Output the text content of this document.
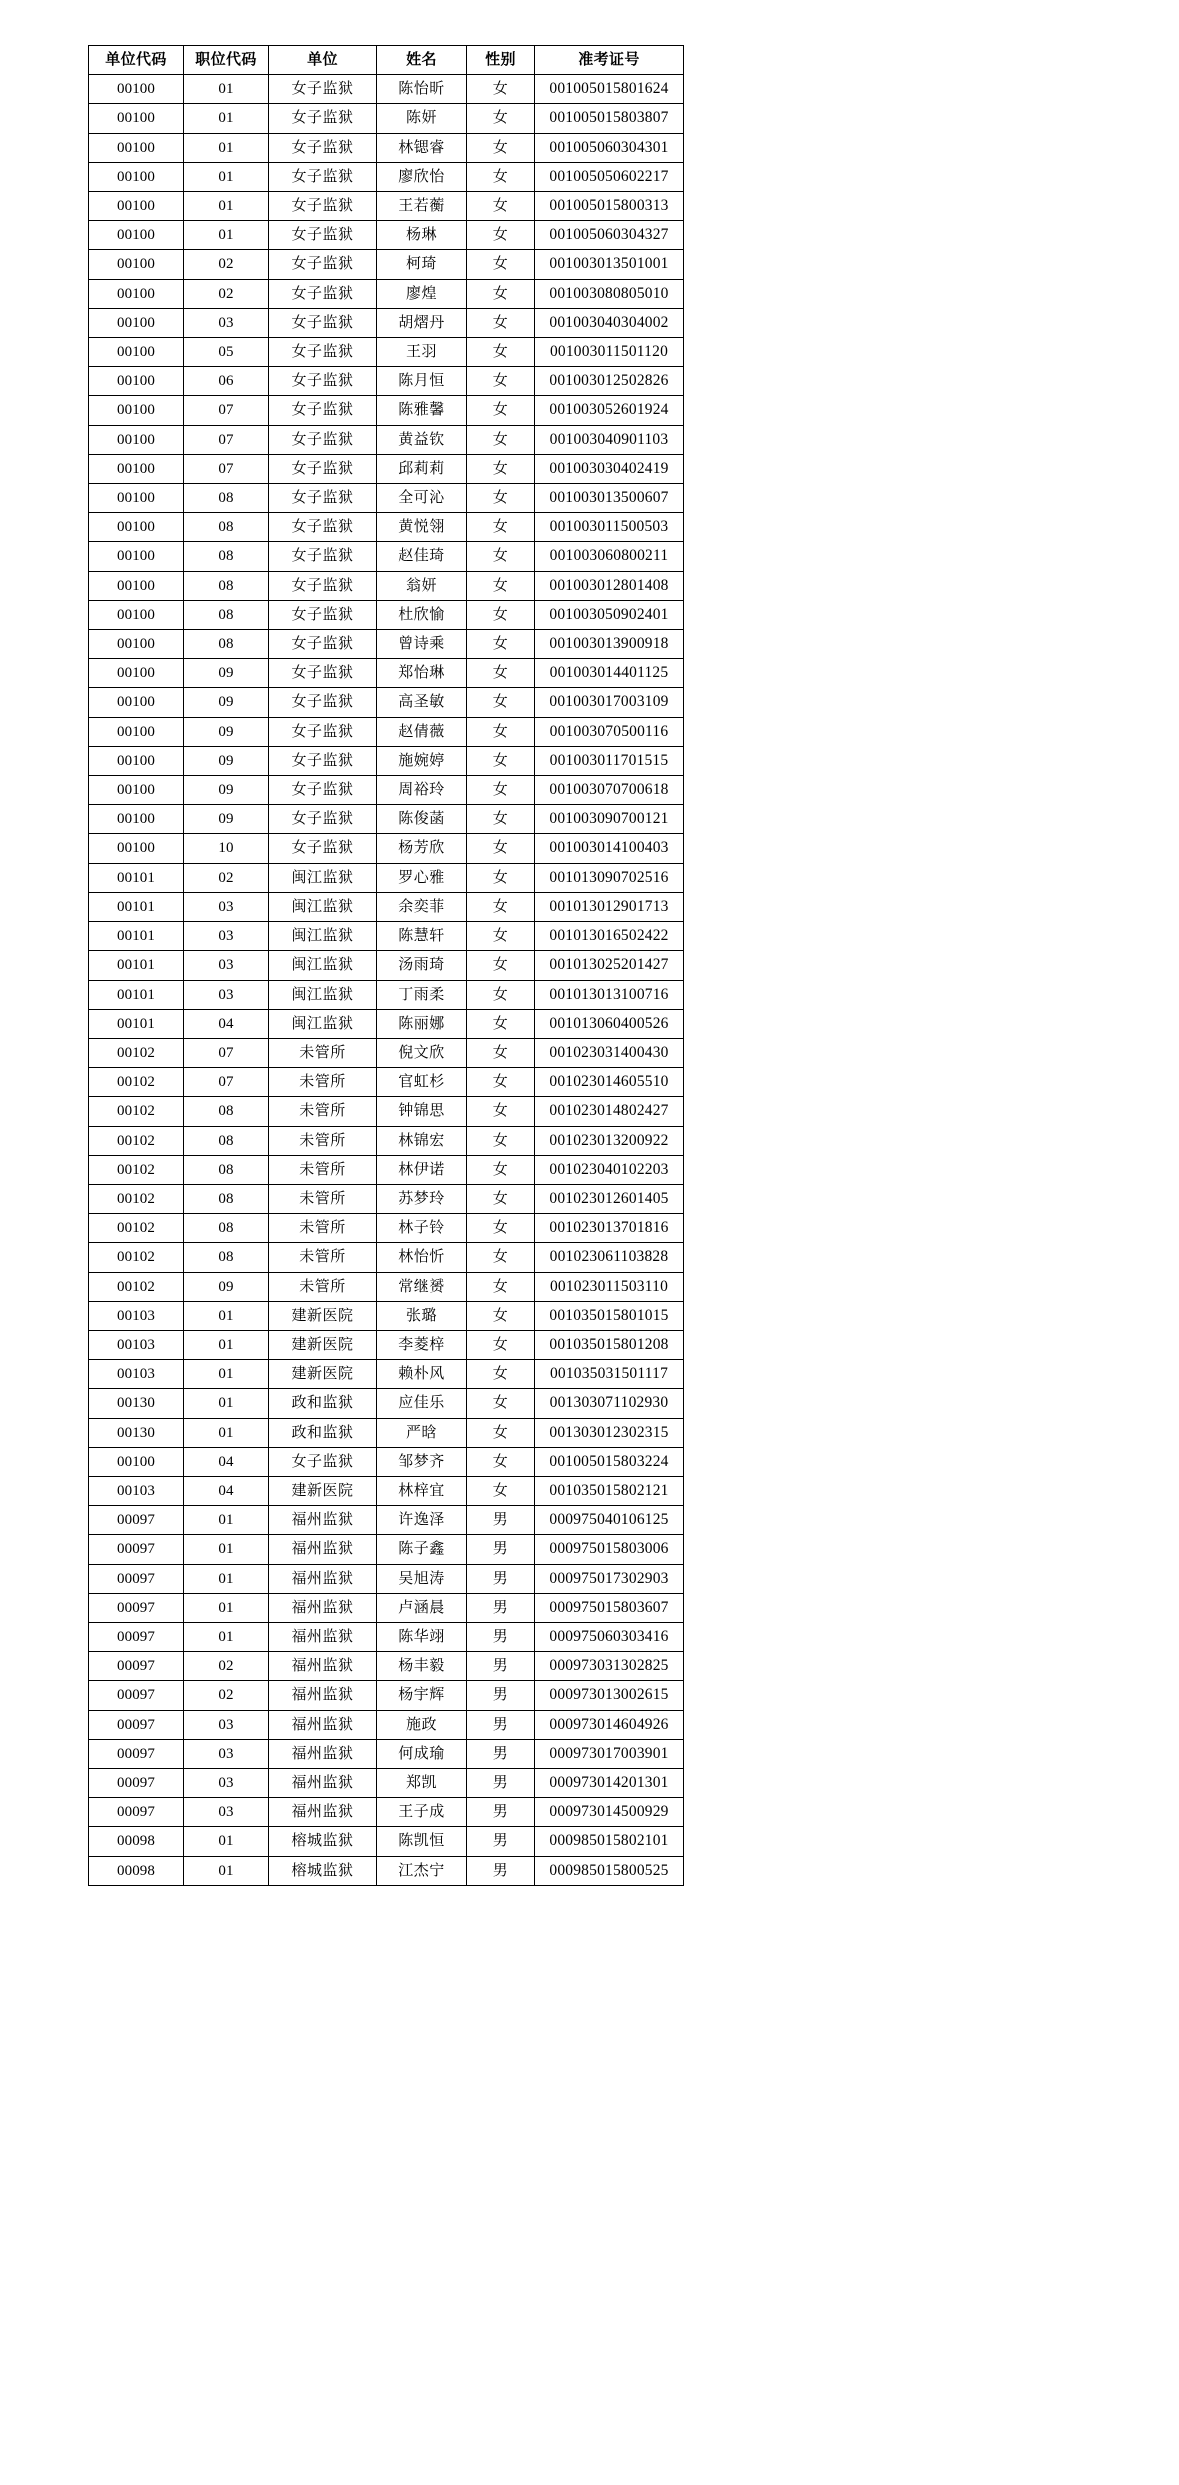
单位代码	职位代码	单位	姓名	性别	准考证号
00100	01	女子监狱	陈怡昕	女	001005015801624
00100	01	女子监狱	陈妍	女	001005015803807
00100	01	女子监狱	林锶睿	女	001005060304301
00100	01	女子监狱	廖欣怡	女	001005050602217
00100	01	女子监狱	王若蘅	女	001005015800313
00100	01	女子监狱	杨琳	女	001005060304327
00100	02	女子监狱	柯琦	女	001003013501001
00100	02	女子监狱	廖煌	女	001003080805010
00100	03	女子监狱	胡熠丹	女	001003040304002
00100	05	女子监狱	王羽	女	001003011501120
00100	06	女子监狱	陈月恒	女	001003012502826
00100	07	女子监狱	陈雅馨	女	001003052601924
00100	07	女子监狱	黄益钦	女	001003040901103
00100	07	女子监狱	邱莉莉	女	001003030402419
00100	08	女子监狱	全可沁	女	001003013500607
00100	08	女子监狱	黄悦翎	女	001003011500503
00100	08	女子监狱	赵佳琦	女	001003060800211
00100	08	女子监狱	翁妍	女	001003012801408
00100	08	女子监狱	杜欣愉	女	001003050902401
00100	08	女子监狱	曾诗乘	女	001003013900918
00100	09	女子监狱	郑怡琳	女	001003014401125
00100	09	女子监狱	高圣敏	女	001003017003109
00100	09	女子监狱	赵倩薇	女	001003070500116
00100	09	女子监狱	施婉婷	女	001003011701515
00100	09	女子监狱	周裕玲	女	001003070700618
00100	09	女子监狱	陈俊菡	女	001003090700121
00100	10	女子监狱	杨芳欣	女	001003014100403
00101	02	闽江监狱	罗心雅	女	001013090702516
00101	03	闽江监狱	余奕菲	女	001013012901713
00101	03	闽江监狱	陈慧轩	女	001013016502422
00101	03	闽江监狱	汤雨琦	女	001013025201427
00101	03	闽江监狱	丁雨柔	女	001013013100716
00101	04	闽江监狱	陈丽娜	女	001013060400526
00102	07	未管所	倪文欣	女	001023031400430
00102	07	未管所	官虹杉	女	001023014605510
00102	08	未管所	钟锦思	女	001023014802427
00102	08	未管所	林锦宏	女	001023013200922
00102	08	未管所	林伊诺	女	001023040102203
00102	08	未管所	苏梦玲	女	001023012601405
00102	08	未管所	林子铃	女	001023013701816
00102	08	未管所	林怡忻	女	001023061103828
00102	09	未管所	常继赟	女	001023011503110
00103	01	建新医院	张璐	女	001035015801015
00103	01	建新医院	李菱梓	女	001035015801208
00103	01	建新医院	赖朴风	女	001035031501117
00130	01	政和监狱	应佳乐	女	001303071102930
00130	01	政和监狱	严晗	女	001303012302315
00100	04	女子监狱	邹梦齐	女	001005015803224
00103	04	建新医院	林梓宜	女	001035015802121
00097	01	福州监狱	许逸泽	男	000975040106125
00097	01	福州监狱	陈子鑫	男	000975015803006
00097	01	福州监狱	吴旭涛	男	000975017302903
00097	01	福州监狱	卢涵晨	男	000975015803607
00097	01	福州监狱	陈华翊	男	000975060303416
00097	02	福州监狱	杨丰毅	男	000973031302825
00097	02	福州监狱	杨宇辉	男	000973013002615
00097	03	福州监狱	施政	男	000973014604926
00097	03	福州监狱	何成瑜	男	000973017003901
00097	03	福州监狱	郑凯	男	000973014201301
00097	03	福州监狱	王子成	男	000973014500929
00098	01	榕城监狱	陈凯恒	男	000985015802101
00098	01	榕城监狱	江杰宁	男	000985015800525
